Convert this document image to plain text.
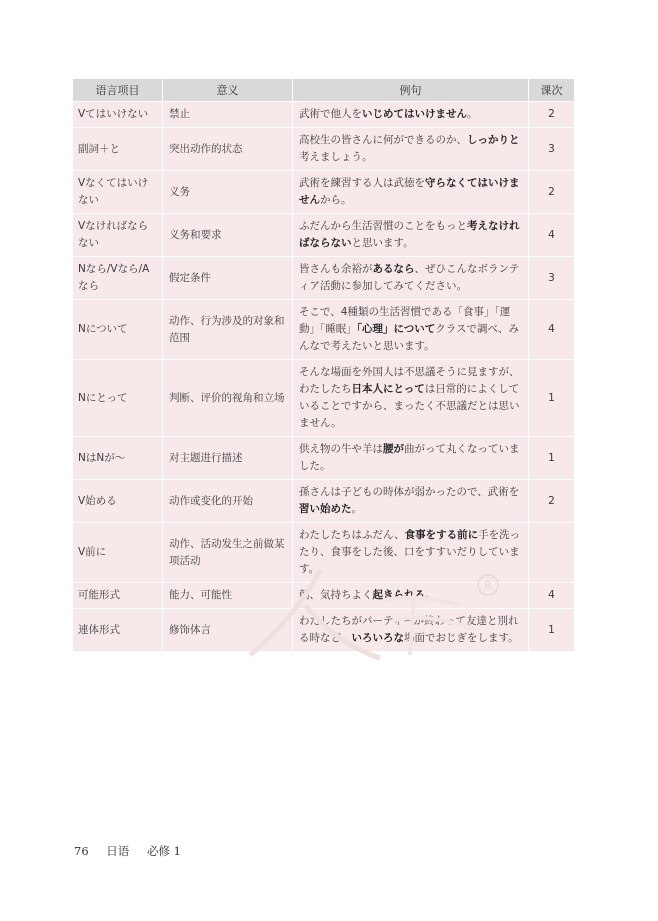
语言项目	意义	例句	课次
Vてはいけない	禁止	武術で他人をいじめてはいけません。	2
副詞＋と	突出动作的状态	高校生の皆さんに何ができるのか、しっかりと考えましょう。	3
Vなくてはいけない	义务	武術を練習する人は武徳を守らなくてはいけませんから。	2
Vなければならない	义务和要求	ふだんから生活習慣のことをもっと考えなければならないと思います。	4
Nなら/Vなら/Aなら	假定条件	皆さんも余裕があるなら、ぜひこんなボランティア活動に参加してみてください。	3
Nについて	动作、行为涉及的对象和范围	そこで、4種類の生活習慣である「食事」「運動」「睡眠」「心理」についてクラスで調べ、みんなで考えたいと思います。	4
Nにとって	判断、评价的视角和立场	そんな場面を外国人は不思議そうに見ますが、わたしたち日本人にとっては日常的によくしていることですから、まったく不思議だとは思いません。	1
NはNが～	对主题进行描述	供え物の牛や羊は腰が曲がって丸くなっていました。	1
V始める	动作或变化的开始	孫さんは子どもの時体が弱かったので、武術を習い始めた。	2
V前に	动作、活动发生之前做某项活动	わたしたちはふだん、食事をする前に手を洗ったり、食事をした後、口をすすいだりしています。	
可能形式	能力、可能性	朝、気持ちよく起きられる。	4
連体形式	修饰体言	わたしたちがパーティーが終わって友達と別れる時など、いろいろな場面でおじぎをします。	1
R
76 日语 必修 1
